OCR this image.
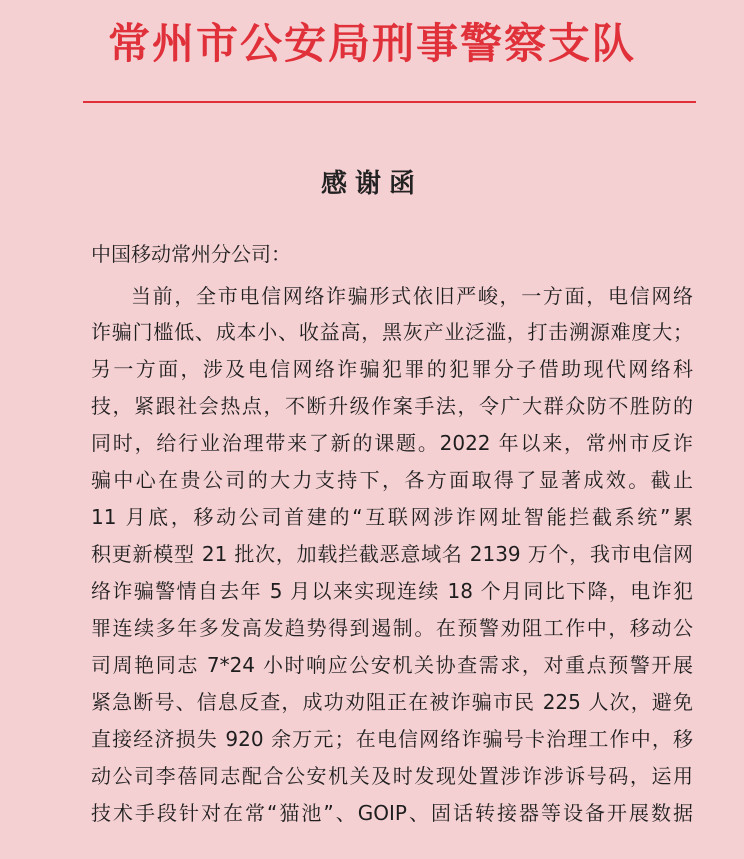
常州市公安局刑事警察支队
感谢函
中国移动常州分公司：
当前，全市电信网络诈骗形式依旧严峻，一方面，电信网络
诈骗门槛低、成本小、收益高，黑灰产业泛滥，打击溯源难度大；
另一方面，涉及电信网络诈骗犯罪的犯罪分子借助现代网络科
技，紧跟社会热点，不断升级作案手法，令广大群众防不胜防的
同时，给行业治理带来了新的课题。2022 年以来，常州市反诈
骗中心在贵公司的大力支持下，各方面取得了显著成效。截止
11 月底，移动公司首建的“互联网涉诈网址智能拦截系统”累
积更新模型 21 批次，加载拦截恶意域名 2139 万个，我市电信网
络诈骗警情自去年 5 月以来实现连续 18 个月同比下降，电诈犯
罪连续多年多发高发趋势得到遏制。在预警劝阻工作中，移动公
司周艳同志 7*24 小时响应公安机关协查需求，对重点预警开展
紧急断号、信息反查，成功劝阻正在被诈骗市民 225 人次，避免
直接经济损失 920 余万元；在电信网络诈骗号卡治理工作中，移
动公司李蓓同志配合公安机关及时发现处置涉诈涉诉号码，运用
技术手段针对在常“猫池”、GOIP、固话转接器等设备开展数据
